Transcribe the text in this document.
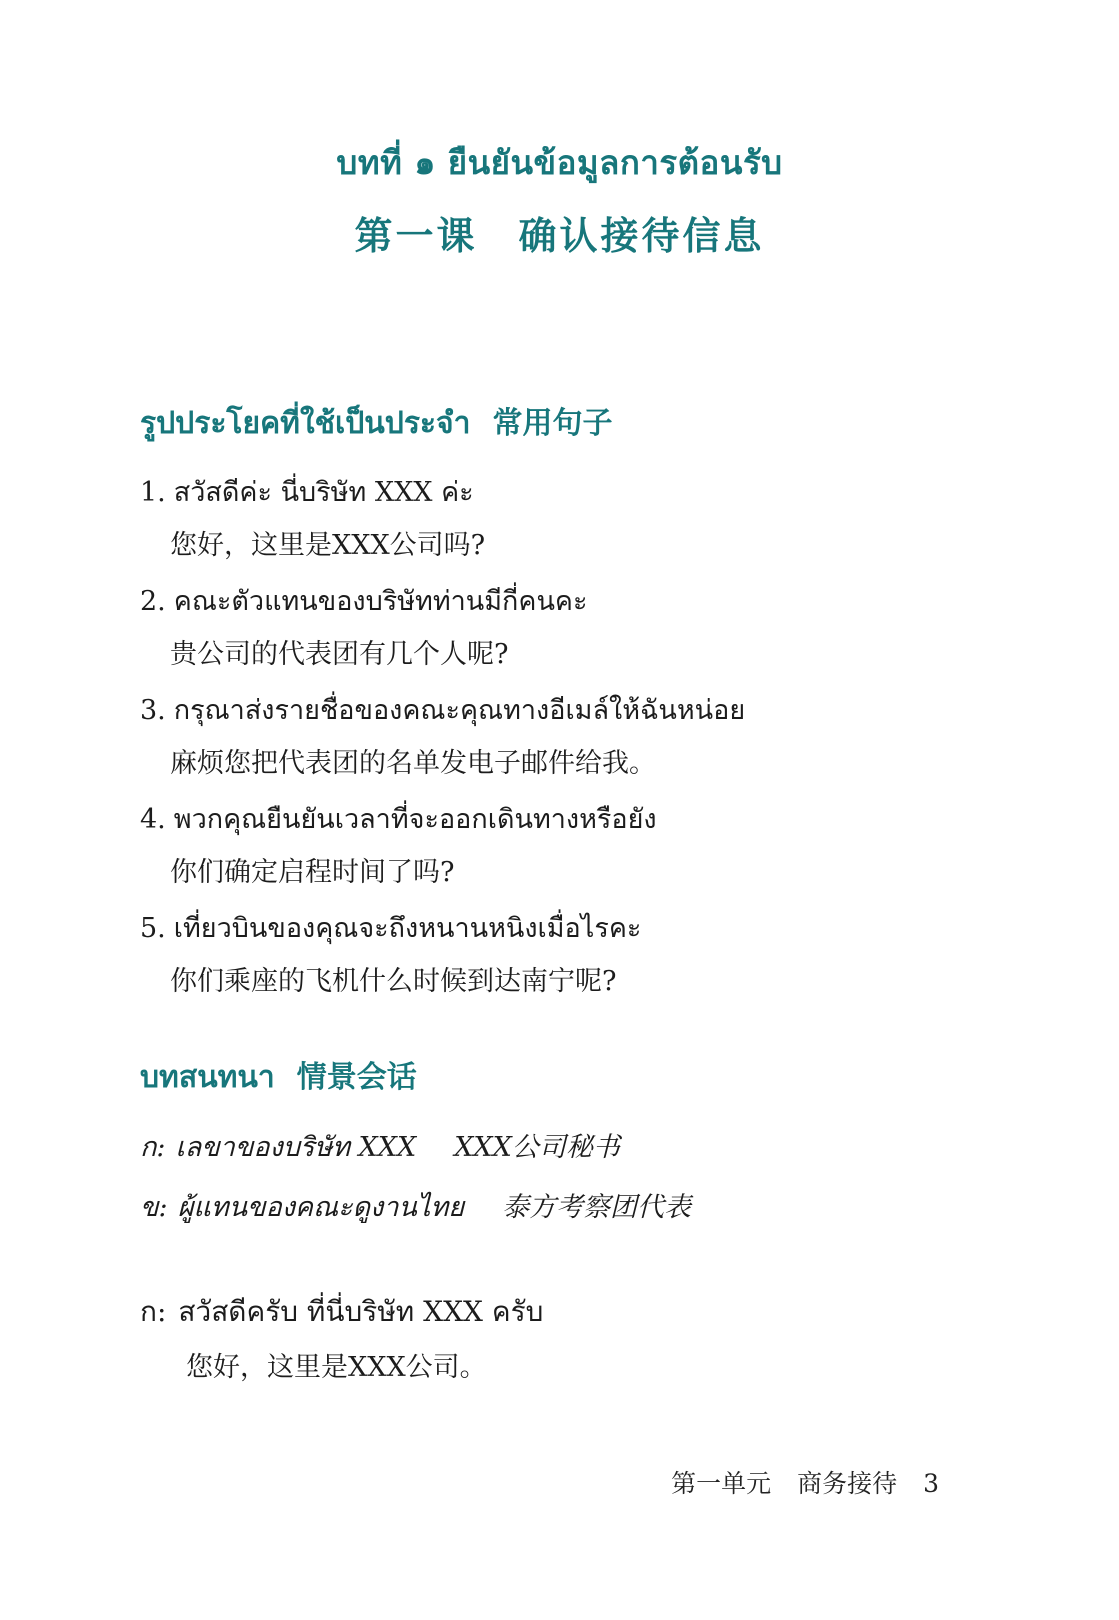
บทที่ ๑ ยืนยันข้อมูลการต้อนรับ
第一课　确认接待信息
รูปประโยคที่ใช้เป็นประจำ 常用句子
1. สวัสดีค่ะ นี่บริษัท XXX ค่ะ
您好，这里是XXX公司吗?
2. คณะตัวแทนของบริษัทท่านมีกี่คนคะ
贵公司的代表团有几个人呢?
3. กรุณาส่งรายชื่อของคณะคุณทางอีเมล์ให้ฉันหน่อย
麻烦您把代表团的名单发电子邮件给我。
4. พวกคุณยืนยันเวลาที่จะออกเดินทางหรือยัง
你们确定启程时间了吗?
5. เที่ยวบินของคุณจะถึงหนานหนิงเมื่อไรคะ
你们乘座的飞机什么时候到达南宁呢?
บทสนทนา 情景会话
ก: เลขาของบริษัท XXX XXX公司秘书
ข: ผู้แทนของคณะดูงานไทย 泰方考察团代表
ก: สวัสดีครับ ที่นี่บริษัท XXX ครับ
您好，这里是XXX公司。
第一单元 商务接待 3
